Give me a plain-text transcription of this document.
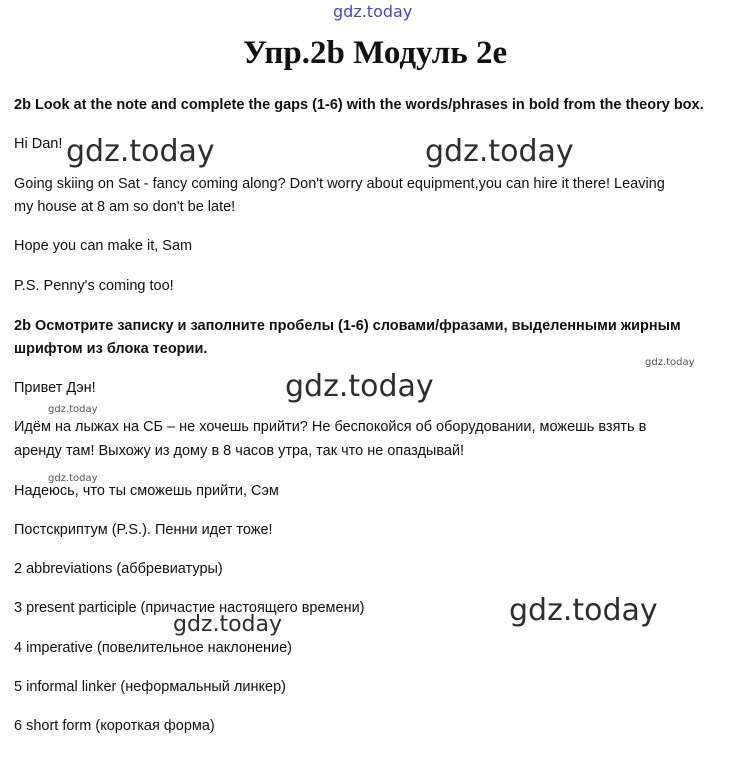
gdz.today
Упр.2b Модуль 2e

2b Look at the note and complete the gaps (1-6) with the words/phrases in bold from the theory box.

Hi Dan!

Going skiing on Sat - fancy coming along? Don't worry about equipment,you can hire it there! Leaving

my house at 8 am so don't be late!

Hope you can make it, Sam

P.S. Penny's coming too!

2b Осмотрите записку и заполните пробелы (1-6) словами/фразами, выделенными жирным

шрифтом из блока теории.

Привет Дэн!

Идём на лыжах на СБ – не хочешь прийти? Не беспокойся об оборудовании, можешь взять в

аренду там! Выхожу из дому в 8 часов утра, так что не опаздывай!

Надеюсь, что ты сможешь прийти, Сэм

Постскриптум (P.S.). Пенни идет тоже!

2 abbreviations (аббревиатуры)

3 present participle (причастие настоящего времени)

4 imperative (повелительное наклонение)

5 informal linker (неформальный линкер)

6 short form (короткая форма)

gdz.today	gdz.today
gdz.today
gdz.today
gdz.today
gdz.today
gdz.today
gdz.today
